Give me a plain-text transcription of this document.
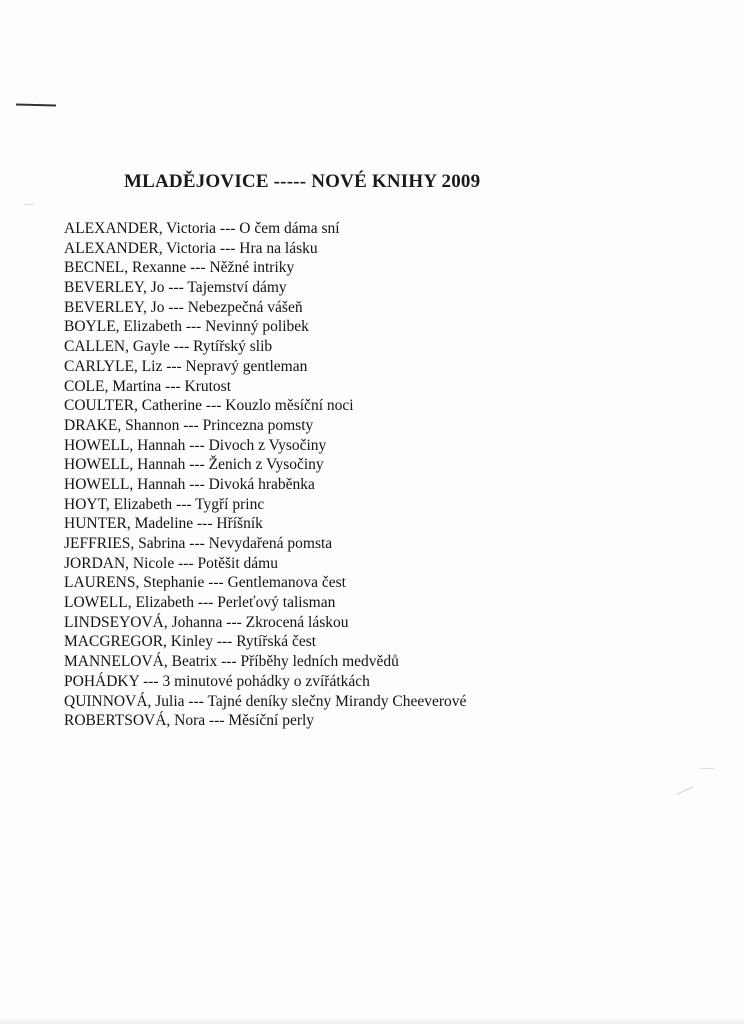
MLADĚJOVICE ----- NOVÉ KNIHY 2009
ALEXANDER, Victoria --- O čem dáma sní
ALEXANDER, Victoria --- Hra na lásku
BECNEL, Rexanne --- Něžné intriky
BEVERLEY, Jo --- Tajemství dámy
BEVERLEY, Jo --- Nebezpečná vášeň
BOYLE, Elizabeth --- Nevinný polibek
CALLEN, Gayle --- Rytířský slib
CARLYLE, Liz --- Nepravý gentleman
COLE, Martina --- Krutost
COULTER, Catherine --- Kouzlo měsíční noci
DRAKE, Shannon --- Princezna pomsty
HOWELL, Hannah --- Divoch z Vysočiny
HOWELL, Hannah --- Ženich z Vysočiny
HOWELL, Hannah --- Divoká hraběnka
HOYT, Elizabeth --- Tygří princ
HUNTER, Madeline --- Hříšník
JEFFRIES, Sabrina --- Nevydařená pomsta
JORDAN, Nicole --- Potěšit dámu
LAURENS, Stephanie --- Gentlemanova čest
LOWELL, Elizabeth --- Perleťový talisman
LINDSEYOVÁ, Johanna --- Zkrocená láskou
MACGREGOR, Kinley --- Rytířská čest
MANNELOVÁ, Beatrix --- Příběhy ledních medvědů
POHÁDKY --- 3 minutové pohádky o zvířátkách
QUINNOVÁ, Julia --- Tajné deníky slečny Mirandy Cheeverové
ROBERTSOVÁ, Nora --- Měsíční perly
